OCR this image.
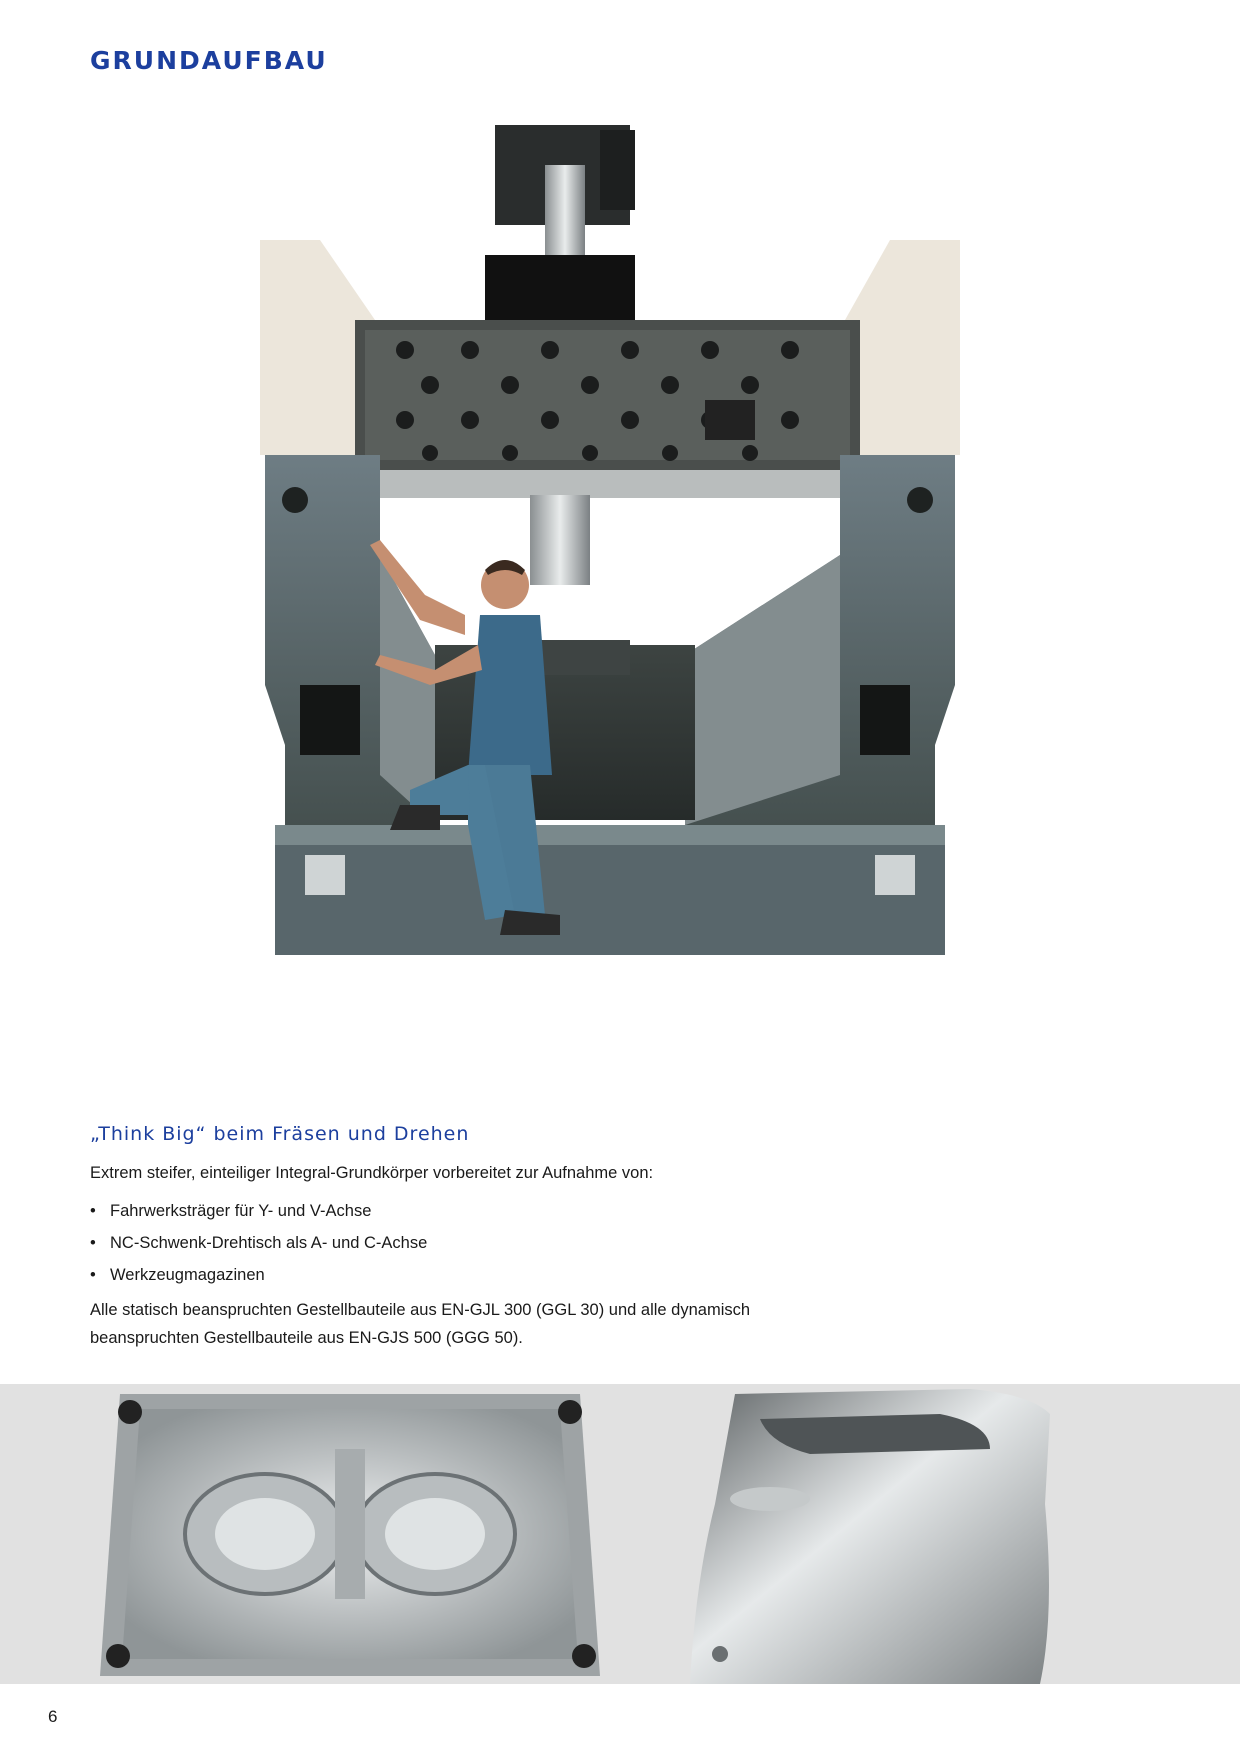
GRUNDAUFBAU
„Think Big“ beim Fräsen und Drehen

Extrem steifer, einteiliger Integral-Grundkörper vorbereitet zur Aufnahme von:

• Fahrwerksträger für Y- und V-Achse
• NC-Schwenk-Drehtisch als A- und C-Achse
• Werkzeugmagazinen

Alle statisch beanspruchten Gestellbauteile aus EN-GJL 300 (GGL 30) und alle dynamisch beanspruchten Gestellbauteile aus EN-GJS 500 (GGG 50).

6
